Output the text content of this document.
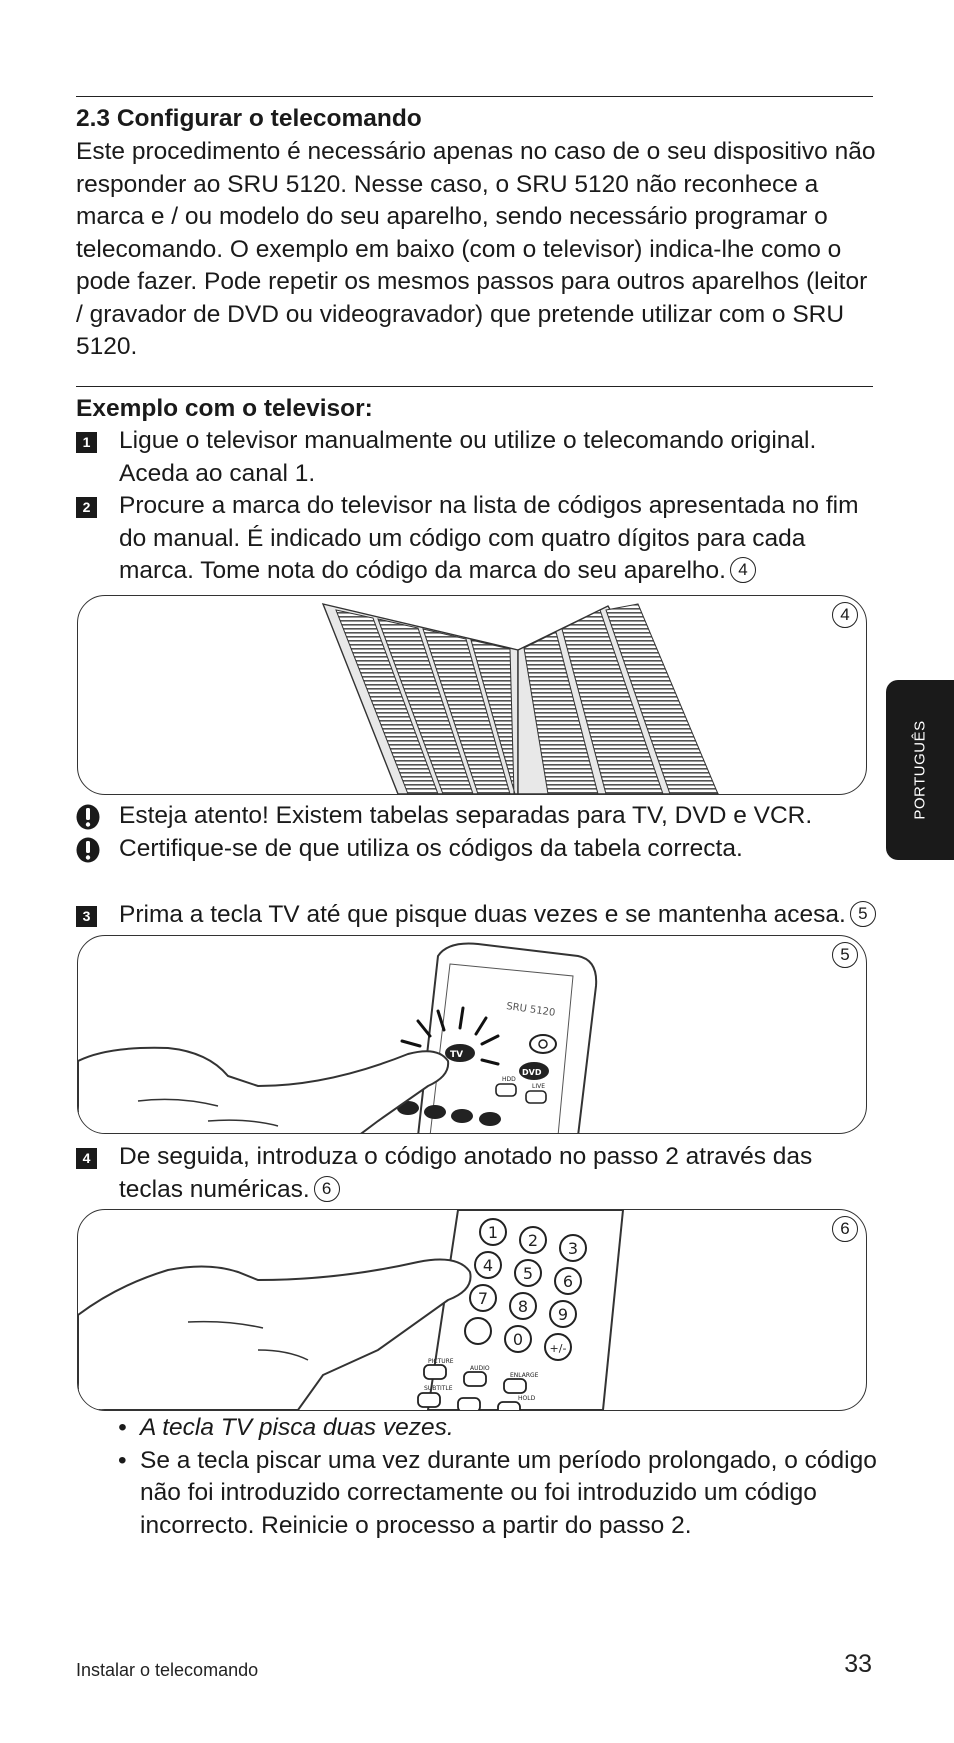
2.3 Configurar o telecomando
Este procedimento é necessário apenas no caso de o seu dispositivo não responder ao SRU 5120. Nesse caso, o SRU 5120 não reconhece a marca e / ou modelo do seu aparelho, sendo necessário programar o telecomando. O exemplo em baixo (com o televisor) indica-lhe como o pode fazer. Pode repetir os mesmos passos para outros aparelhos (leitor / gravador de DVD ou videogravador) que pretende utilizar com o SRU 5120.
Exemplo com o televisor:
1 Ligue o televisor manualmente ou utilize o telecomando original. Aceda ao canal 1.
2 Procure a marca do televisor na lista de códigos apresentada no fim do manual. É indicado um código com quatro dígitos para cada marca. Tome nota do código da marca do seu aparelho. 4
4
Esteja atento! Existem tabelas separadas para TV, DVD e VCR.
Certifique-se de que utiliza os códigos da tabela correcta.
3 Prima a tecla TV até que pisque duas vezes e se mantenha acesa. 5
SRU 5120
TV
DVD
HDD
LIVE
5
4 De seguida, introduza o código anotado no passo 2 através das teclas numéricas. 6
1 2 3
4 5 6
7 8 9
0 +/-
PICTURE
AUDIO
ENLARGE
SUBTITLE
HOLD
6
• A tecla TV pisca duas vezes.
• Se a tecla piscar uma vez durante um período prolongado, o código não foi introduzido correctamente ou foi introduzido um código incorrecto. Reinicie o processo a partir do passo 2.
PORTUGUÊS
Instalar o telecomando	33
